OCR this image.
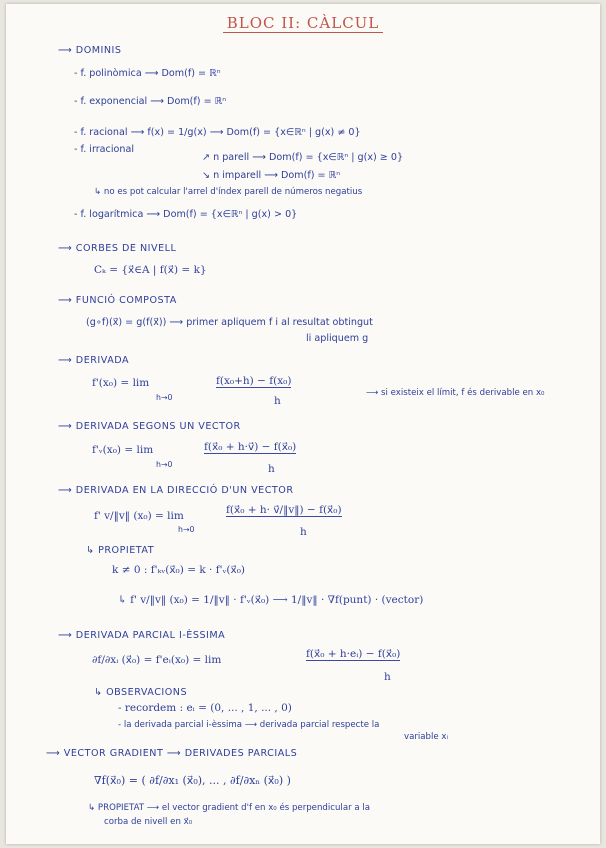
BLOC II: CÀLCUL
⟶ DOMINIS
- f. polinòmica ⟶ Dom(f) = ℝⁿ
- f. exponencial ⟶ Dom(f) = ℝⁿ
- f. racional ⟶ f(x) = 1/g(x) ⟶ Dom(f) = {x∈ℝⁿ | g(x) ≠ 0}
- f. irracional
↗ n parell ⟶ Dom(f) = {x∈ℝⁿ | g(x) ≥ 0}
↘ n imparell ⟶ Dom(f) = ℝⁿ
↳ no es pot calcular l'arrel d'índex parell de números negatius
- f. logarítmica ⟶ Dom(f) = {x∈ℝⁿ | g(x) > 0}
⟶ CORBES DE NIVELL
Cₖ = {x⃗∈A | f(x⃗) = k}
⟶ FUNCIÓ COMPOSTA
(g∘f)(x⃗) = g(f(x⃗)) ⟶ primer apliquem f i al resultat obtingut
li apliquem g
⟶ DERIVADA
f'(x₀) = lim
h→0
f(x₀+h) − f(x₀)
h
⟶ si existeix el límit, f és derivable en x₀
⟶ DERIVADA SEGONS UN VECTOR
f'ᵥ(x₀) = lim
h→0
f(x⃗₀ + h·v⃗) − f(x⃗₀)
h
⟶ DERIVADA EN LA DIRECCIÓ D'UN VECTOR
f' v/‖v‖ (x₀) = lim
h→0
f(x⃗₀ + h· v⃗/‖v‖) − f(x⃗₀)
h
↳ PROPIETAT
k ≠ 0 : f'ₖᵥ(x⃗₀) = k · f'ᵥ(x⃗₀)
↳ f' v/‖v‖ (x₀) = 1/‖v‖ · f'ᵥ(x⃗₀) ⟶ 1/‖v‖ · ∇f(punt) · (vector)
⟶ DERIVADA PARCIAL I-ÈSSIMA
∂f/∂xᵢ (x⃗₀) = f'eᵢ(x₀) = lim	f(x⃗₀ + h·eᵢ) − f(x⃗₀)
h
↳ OBSERVACIONS
- recordem : eᵢ = (0, ... , 1, ... , 0)
- la derivada parcial i-èssima ⟶ derivada parcial respecte la
variable xᵢ
⟶ VECTOR GRADIENT ⟶ DERIVADES PARCIALS
∇f(x⃗₀) = ( ∂f/∂x₁ (x⃗₀), ... , ∂f/∂xₙ (x⃗₀) )
↳ PROPIETAT ⟶ el vector gradient d'f en x₀ és perpendicular a la
corba de nivell en x⃗₀
